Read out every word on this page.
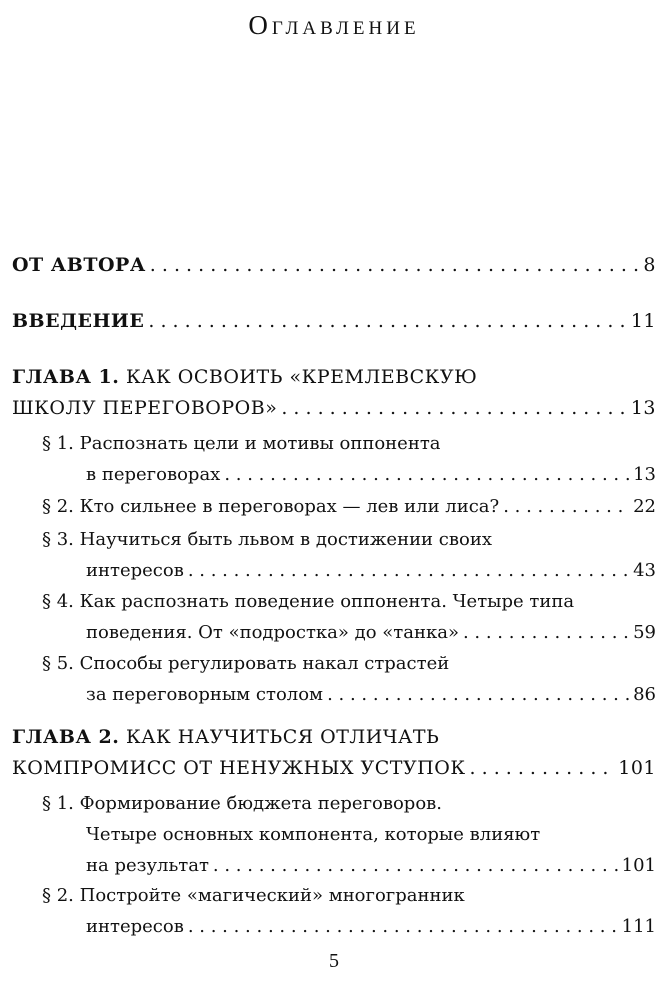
Оглавление
ОТ АВТОРА . . .	8
ВВЕДЕНИЕ . . .	11
ГЛАВА 1. КАК ОСВОИТЬ «КРЕМЛЕВСКУЮ
ШКОЛУ ПЕРЕГОВОРОВ» . . .	13
§ 1. Распознать цели и мотивы оппонента
в переговорах . . .	13
§ 2. Кто сильнее в переговорах — лев или лиса? . . .	22
§ 3. Научиться быть львом в достижении своих
интересов . . .	43
§ 4. Как распознать поведение оппонента. Четыре типа
поведения. От «подростка» до «танка» . . .	59
§ 5. Способы регулировать накал страстей
за переговорным столом . . .	86
ГЛАВА 2. КАК НАУЧИТЬСЯ ОТЛИЧАТЬ
КОМПРОМИСС ОТ НЕНУЖНЫХ УСТУПОК . . .	101
§ 1. Формирование бюджета переговоров.
Четыре основных компонента, которые влияют
на результат . . .	101
§ 2. Постройте «магический» многогранник
интересов . . .	111
5
